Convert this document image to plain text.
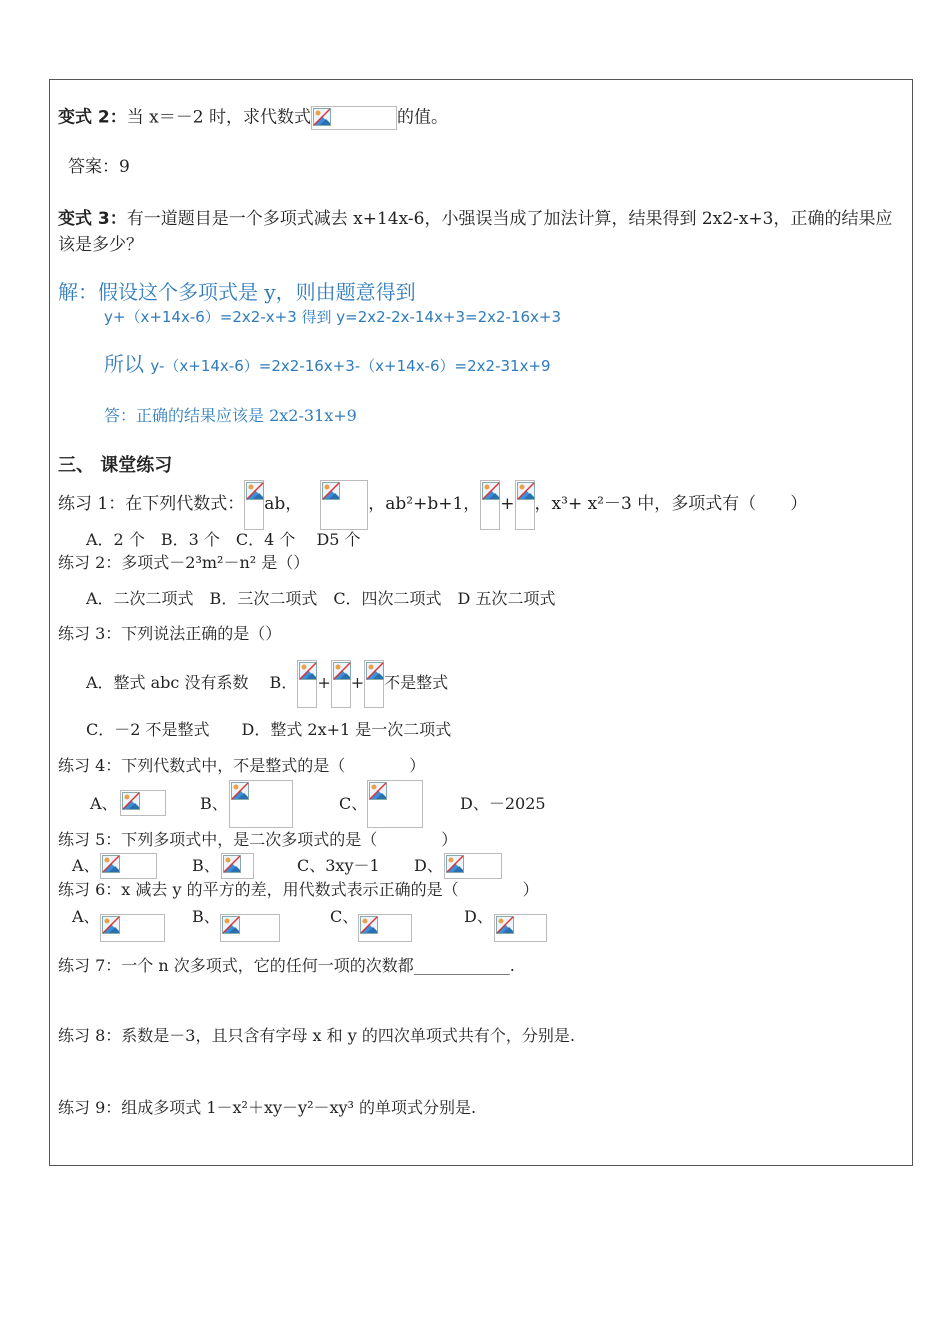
变式 2：当 x＝－2 时，求代数式	的值。
答案：9
变式 3：有一道题目是一个多项式减去 x+14x-6，小强误当成了加法计算，结果得到 2x2-x+3，正确的结果应该是多少？
解：假设这个多项式是 y，则由题意得到
y+（x+14x-6）=2x2-x+3 得到 y=2x2-2x-14x+3=2x2-16x+3
所以 y-（x+14x-6）=2x2-16x+3-（x+14x-6）=2x2-31x+9
答：正确的结果应该是 2x2-31x+9
三、 课堂练习
练习 1：在下列代数式： ab，	，ab²+b+1， + ，x³+ x²－3 中，多项式有（　　）
A．2 个　B．3 个　C．4 个　 D5 个
练习 2：多项式－2³m²－n² 是（）
A．二次二项式　B．三次二项式　C．四次二项式　D 五次二项式
练习 3：下列说法正确的是（）
A．整式 abc 没有系数　 B． + + 不是整式
C．－2 不是整式　　D．整式 2x+1 是一次二项式
练习 4：下列代数式中，不是整式的是（　　　　）
A、	B、	C、	D、－2025
练习 5：下列多项式中，是二次多项式的是（　　　　）
A、	B、	C、3xy－1 D、
练习 6：x 减去 y 的平方的差，用代数式表示正确的是（　　　　）
A、	B、	C、	D、
练习 7：一个 n 次多项式，它的任何一项的次数都____________.
练习 8：系数是－3，且只含有字母 x 和 y 的四次单项式共有个，分别是.
练习 9：组成多项式 1－x²＋xy－y²－xy³ 的单项式分别是.
